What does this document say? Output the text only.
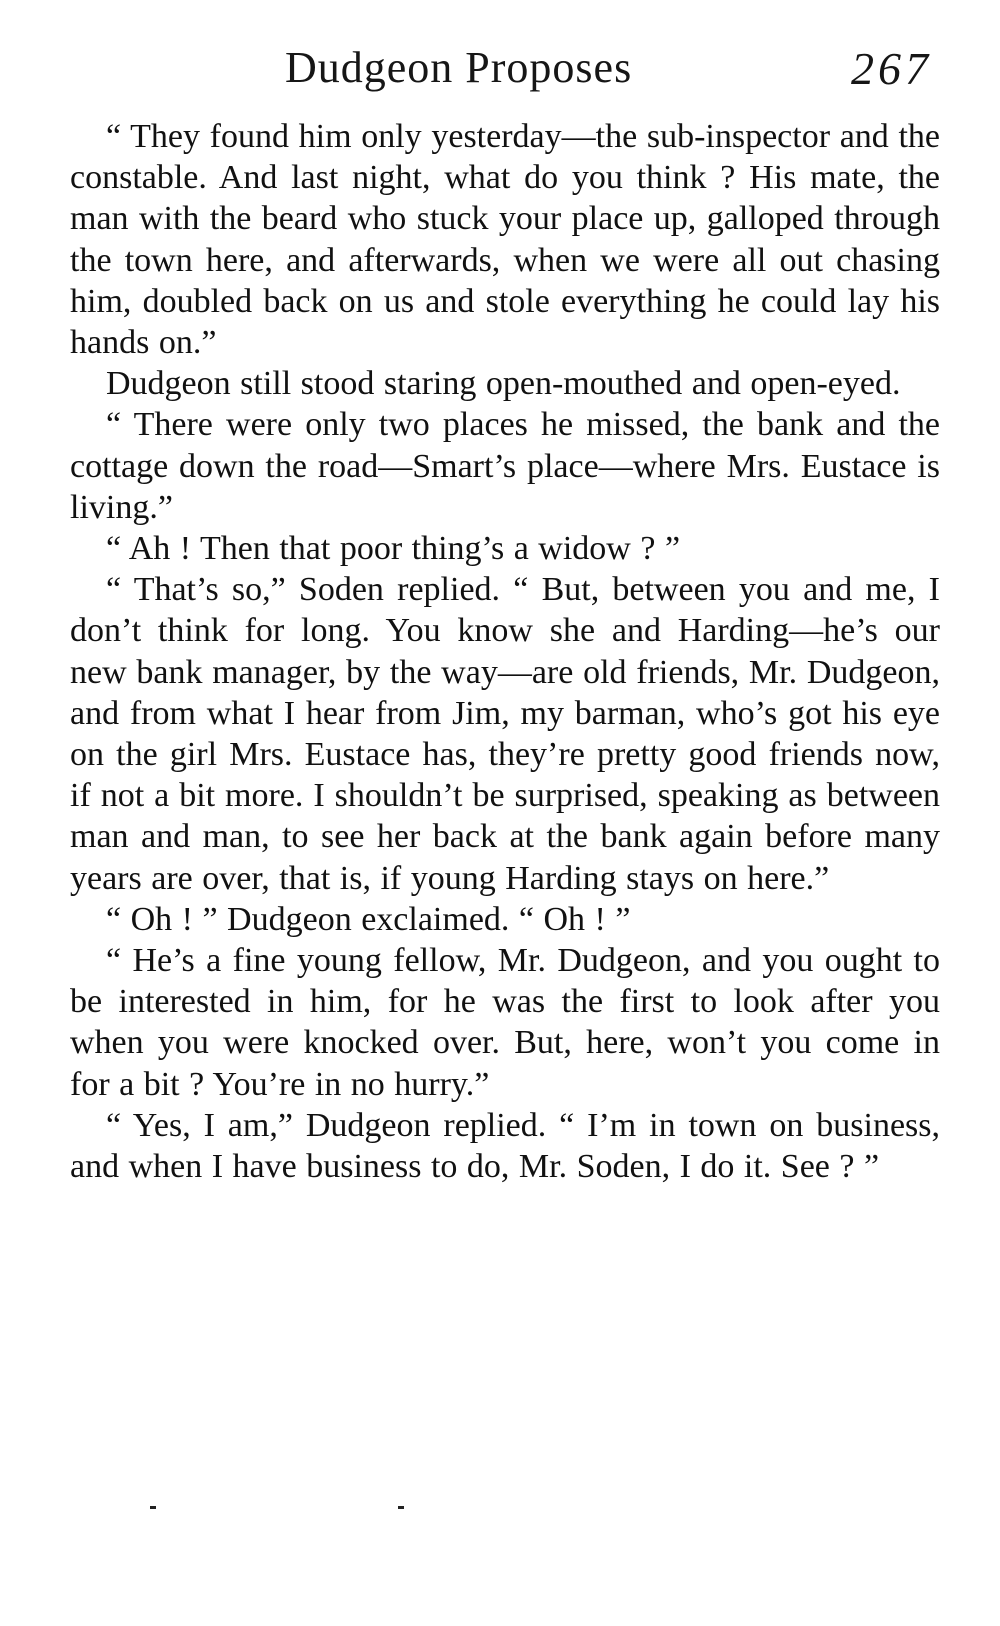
Dudgeon Proposes	267

“ They found him only yesterday—the sub-inspector and the constable. And last night, what do you think ? His mate, the man with the beard who stuck your place up, galloped through the town here, and afterwards, when we were all out chasing him, doubled back on us and stole everything he could lay his hands on.”

Dudgeon still stood staring open-mouthed and open-eyed.

“ There were only two places he missed, the bank and the cottage down the road—Smart’s place—where Mrs. Eustace is living.”

“ Ah ! Then that poor thing’s a widow ? ”

“ That’s so,” Soden replied. “ But, between you and me, I don’t think for long. You know she and Harding—he’s our new bank manager, by the way—are old friends, Mr. Dudgeon, and from what I hear from Jim, my barman, who’s got his eye on the girl Mrs. Eustace has, they’re pretty good friends now, if not a bit more. I shouldn’t be surprised, speaking as between man and man, to see her back at the bank again before many years are over, that is, if young Harding stays on here.”

“ Oh ! ” Dudgeon exclaimed. “ Oh ! ”

“ He’s a fine young fellow, Mr. Dudgeon, and you ought to be interested in him, for he was the first to look after you when you were knocked over. But, here, won’t you come in for a bit ? You’re in no hurry.”

“ Yes, I am,” Dudgeon replied. “ I’m in town on business, and when I have business to do, Mr. Soden, I do it. See ? ”
